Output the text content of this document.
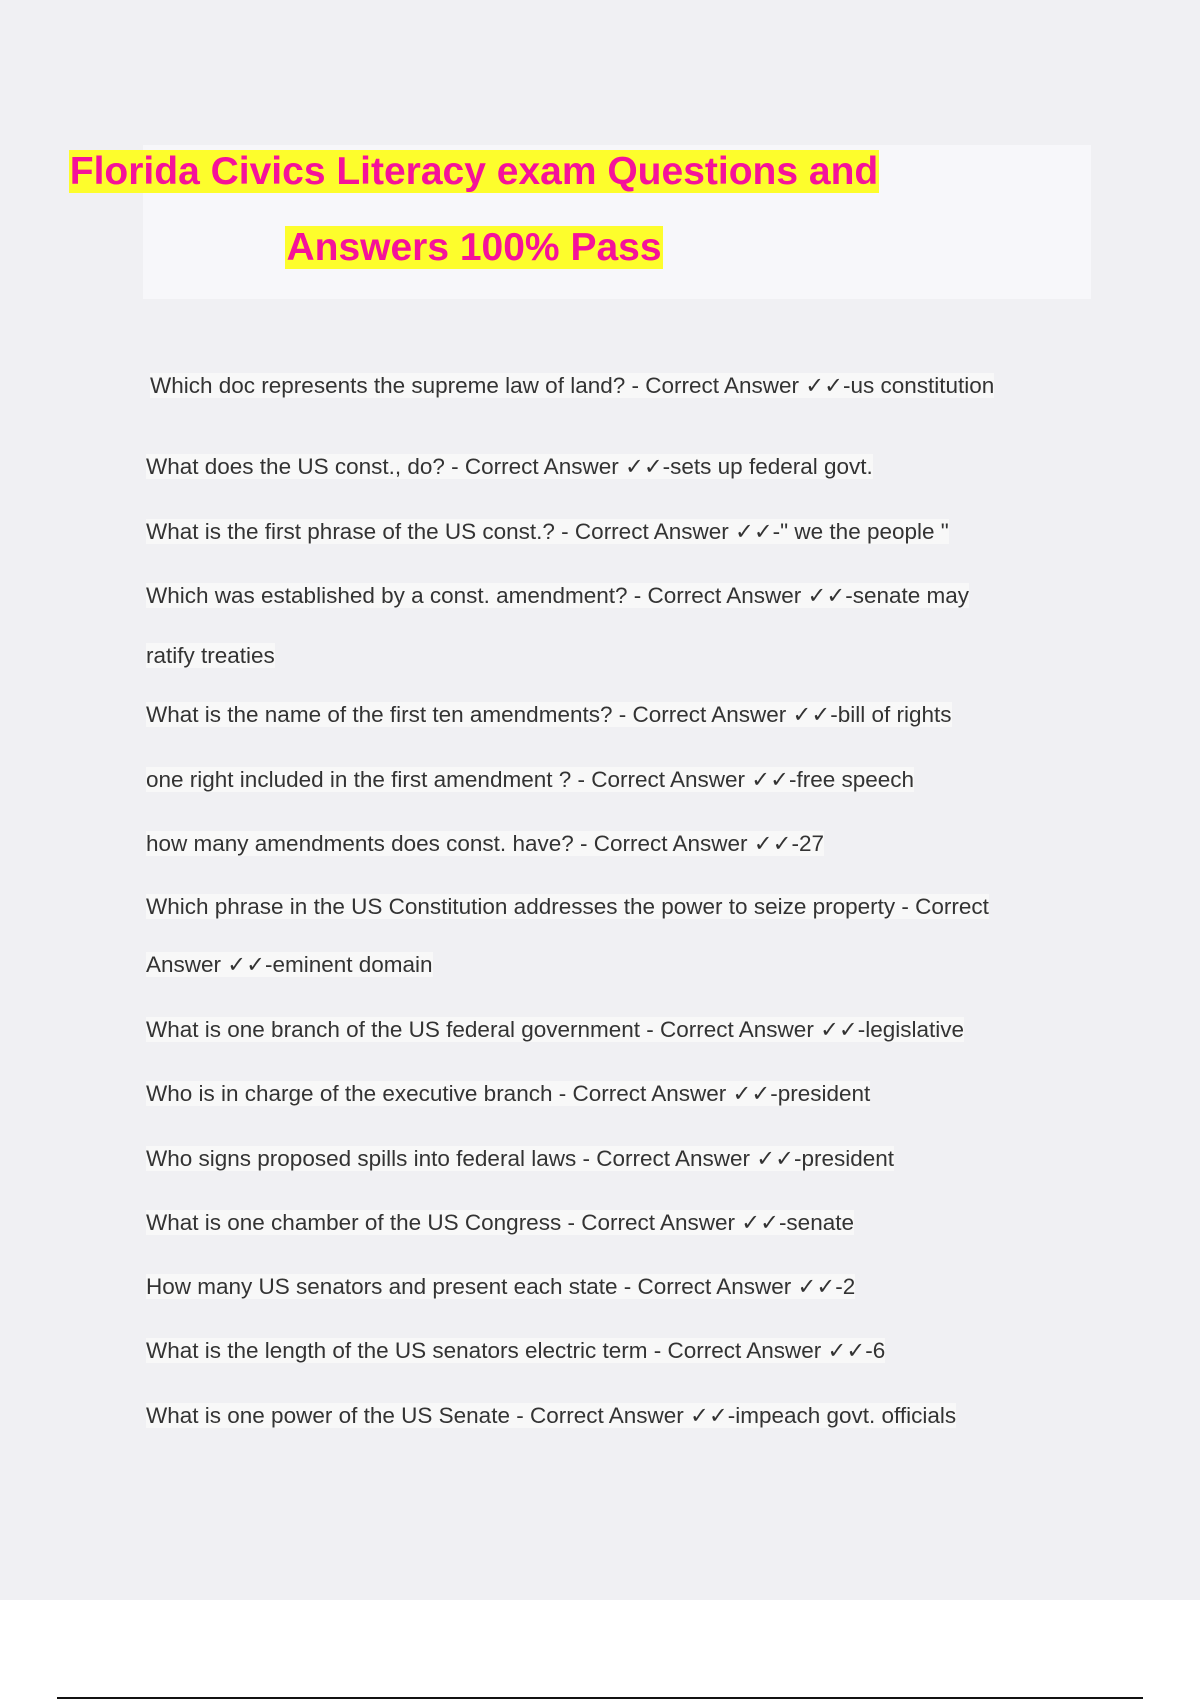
Florida Civics Literacy exam Questions and
Answers 100% Pass
Which doc represents the supreme law of land? - Correct Answer ✓✓-us constitution
What does the US const., do? - Correct Answer ✓✓-sets up federal govt.
What is the first phrase of the US const.? - Correct Answer ✓✓-" we the people "
Which was established by a const. amendment? - Correct Answer ✓✓-senate may
ratify treaties
What is the name of the first ten amendments? - Correct Answer ✓✓-bill of rights
one right included in the first amendment ? - Correct Answer ✓✓-free speech
how many amendments does const. have? - Correct Answer ✓✓-27
Which phrase in the US Constitution addresses the power to seize property - Correct
Answer ✓✓-eminent domain
What is one branch of the US federal government - Correct Answer ✓✓-legislative
Who is in charge of the executive branch - Correct Answer ✓✓-president
Who signs proposed spills into federal laws - Correct Answer ✓✓-president
What is one chamber of the US Congress - Correct Answer ✓✓-senate
How many US senators and present each state - Correct Answer ✓✓-2
What is the length of the US senators electric term - Correct Answer ✓✓-6
What is one power of the US Senate - Correct Answer ✓✓-impeach govt. officials
